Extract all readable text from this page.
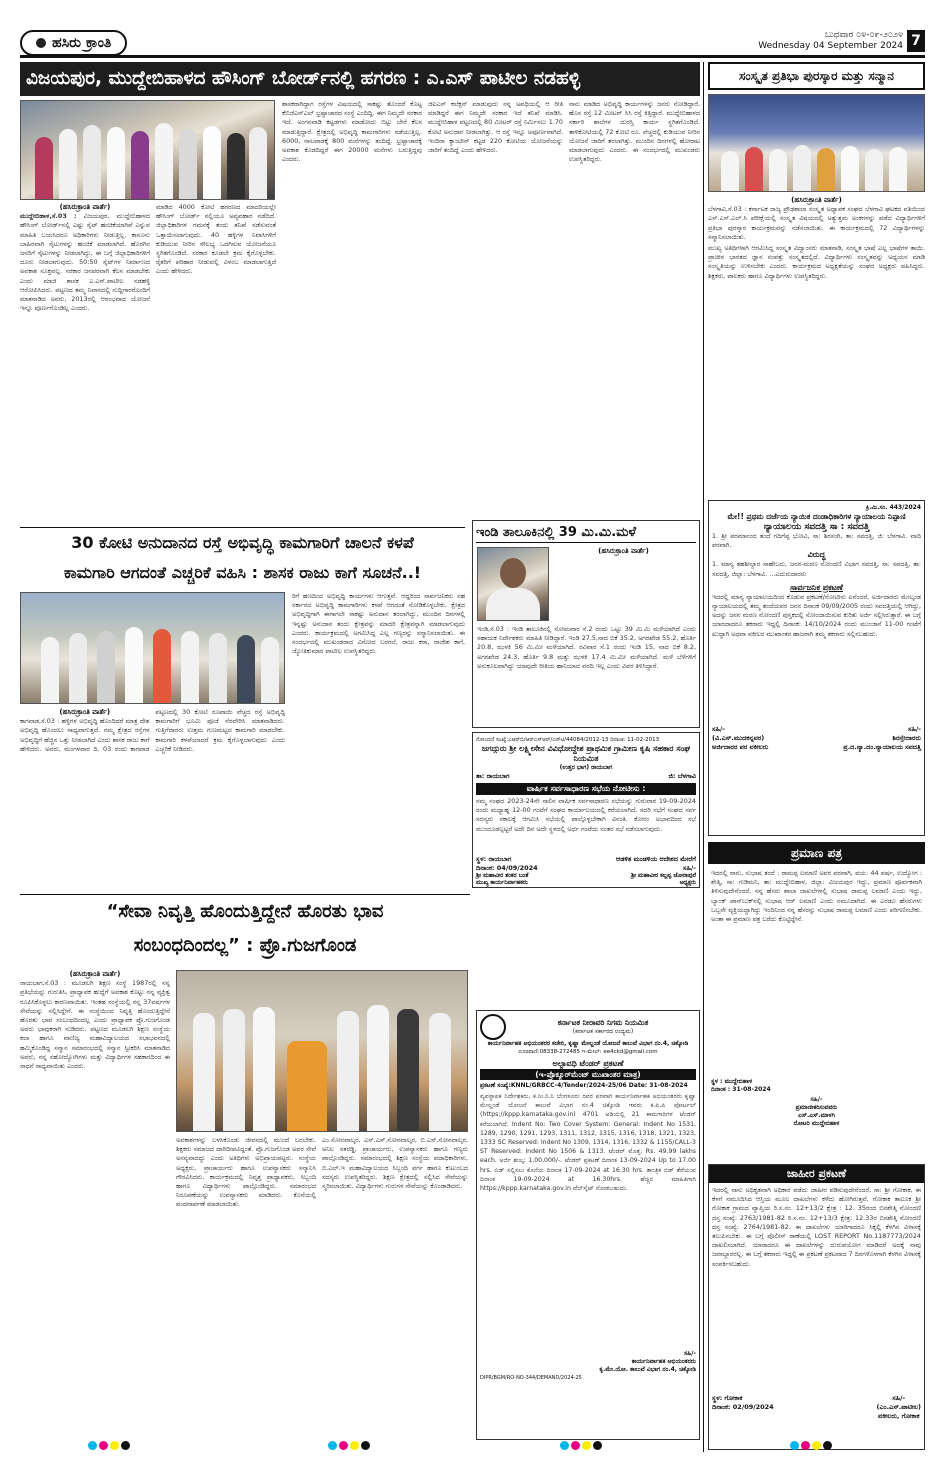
ಹಸಿರು ಕ್ರಾಂತಿ	ಬುಧವಾರ ೦೪-೦೯-೨೦೨೪
Wednesday 04 September 2024 7
ವಿಜಯಪುರ, ಮುದ್ದೇಬಿಹಾಳದ ಹೌಸಿಂಗ್ ಬೋರ್ಡ್‌ನಲ್ಲಿ ಹಗರಣ : ಎ.ಎಸ್ ಪಾಟೀಲ ನಡಹಳ್ಳಿ
(ಹಸಿರುಕ್ರಾಂತಿ ವಾರ್ತೆ)
ಮುದ್ದೇಬಿಹಾಳ,ಸೆ.03 : ವಿಜಯಪುರ, ಮುದ್ದೇಬಿಹಾಳದ ಹೌಸಿಂಗ್ ಬೋರ್ಡ್‌ನಲ್ಲಿ ಎಷ್ಟು ಸೈಟ್ ಹಂಚಿಕೆಯಾಗಿವೆ ಎನ್ನುವ ಮಾಹಿತಿ ಬಯಸಿದರೂ ಅಧಿಕಾರಿಗಳು ನೀಡುತ್ತಿಲ್ಲ. ಕಾನೂನು ಬಾಹಿರವಾಗಿ ಸೈಟುಗಳನ್ನು ಹಂಚಿಕೆ ಮಾಡಲಾಗಿದೆ. ಹೊರಗಿನ ಜನರಿಗೆ ಸೈಟುಗಳನ್ನು ನೀಡಲಾಗಿದ್ದು, ಈ ಬಗ್ಗೆ ಜಿಲ್ಲಾಧಿಕಾರಿಗಳಿಗೆ ದೂರು ನೀಡಲಾಗುವುದು. 50:50 ಸೈಟ್‌ಗಳ ನಿರ್ಮಾಣದ ಅವಕಾಶ ಸೂಕ್ತವಲ್ಲ. ಸರಕಾರ ಜನಪರವಾಗಿ ಕೆಲಸ ಮಾಡಬೇಕು ಎಂದು ಮಾಜಿ ಶಾಸಕ ಎ.ಎಸ್.ಪಾಟೀಲ ನಡಹಳ್ಳಿ ಆರೋಪಿಸಿದರು. ಪಟ್ಟಣದ ತಮ್ಮ ನಿವಾಸದಲ್ಲಿ ಸುದ್ದಿಗಾರರೊಂದಿಗೆ ಮಾತನಾಡಿದ ಅವರು, 2013ರಲ್ಲಿ ಆರಂಭವಾದ ಯೋಜನೆ ಇನ್ನೂ ಪೂರ್ಣಗೊಂಡಿಲ್ಲ ಎಂದರು.
ಮಾಡಿದ 4000 ಕೋಟಿ ಹಗರಣದ ಮಾದರಿಯಲ್ಲೇ ಹೌಸಿಂಗ್ ಬೋರ್ಡ್ ನಲ್ಲಿಯೂ ಅವ್ಯವಹಾರ ನಡೆದಿದೆ. ಜಿಲ್ಲಾಧಿಕಾರಿಗಳ ಗಮನಕ್ಕೆ ತಂದು ತನಿಖೆ ನಡೆಸುವಂತೆ ಒತ್ತಾಯಿಸಲಾಗುವುದು. 40 ಹಳ್ಳಿಗಳ ನಿವಾಸಿಗಳಿಗೆ ಕುಡಿಯುವ ನೀರಿನ ಸೌಲಭ್ಯ ಒದಗಿಸುವ ಯೋಜನೆಯೂ ಸ್ಥಗಿತಗೊಂಡಿದೆ. ಸರಕಾರ ಕೂಡಲೇ ಕ್ರಮ ಕೈಗೊಳ್ಳಬೇಕು. ರೈತರಿಗೆ ಪರಿಹಾರ ನೀಡುವಲ್ಲಿ ವಿಳಂಬ ಮಾಡಲಾಗುತ್ತಿದೆ ಎಂದು ಹೇಳಿದರು.
ಶಾಸಕರಾಗಿದ್ದಾಗ ರಸ್ತೆಗಳ ವಿಷಯದಲ್ಲಿ ಸಾಕಷ್ಟು ತೊಂದರೆ ಕೊಟ್ಟ ಕೆಬಿಜೆಎನ್ಎಲ್ ಭ್ರಷ್ಟಾಚಾರದ ಸಂಸ್ಥೆ ಎಂದಿದ್ದಿ. ಈಗ ನಿಮ್ಮದೇ ಸರಕಾರ ಇದೆ. ಅಂಗನವಾಡಿ ಕಟ್ಟಡಗಳು ಮಾಡೋದು ಬಿಟ್ಟು ಬೇರೆ ಕೆಲಸ ಮಾಡುತ್ತಿದ್ದಾರೆ. ಕ್ಷೇತ್ರದಲ್ಲಿ ಅಭಿವೃದ್ಧಿ ಕಾಮಗಾರಿಗಳು ನಡೆಯುತ್ತಿಲ್ಲ. 6000, ನಾಲವಾಡಕ್ಕೆ 800 ಮನೆಗಳನ್ನು ತಂದಿದ್ದೆ. ಭ್ರಷ್ಟಾಚಾರಕ್ಕೆ ಅವಕಾಶ ಕೊಡದಿದ್ದರೆ ಈಗ 20000 ಮನೆಗಳು ಬರುತ್ತಿದ್ದವು ಎಂದರು.
ಜಿಐಎಸ್ ಕಲೆಕ್ಷನ್ ಮಾಡುವುದು ನನ್ನ ಅವಧಿಯಲ್ಲಿ ಆ ರೀತಿ ಮಾಡಿದ್ದರೆ ಈಗ ನಿಮ್ಮದೇ ಸರಕಾರ ಇದೆ ತನಿಖೆ ಮಾಡಿಸಿ. ಮುದ್ದೇಬಿಹಾಳ ಪಟ್ಟಣದಲ್ಲಿ 80 ಮೀಟರ್ ರಸ್ತೆ ನಿರ್ಮಿಸಲು 1.70 ಕೋಟಿ ಅನುದಾನ ನೀಡಲಾಗಿತ್ತು. ಆ ರಸ್ತೆ ಇನ್ನೂ ಅಪೂರ್ಣವಾಗಿದೆ. ಇಂದಿರಾ ಕ್ಯಾಂಟೀನ್ ಕಟ್ಟಡ 220 ಕೋಟಿಯ ಯೋಜನೆಯನ್ನು ಜಾರಿಗೆ ತಂದಿದ್ದೆ ಎಂದು ಹೇಳಿದರು.
ನಾನು ಮಾಡಿದ ಅಭಿವೃದ್ಧಿ ಕಾರ್ಯಗಳನ್ನು ಜನರು ನೋಡಿದ್ದಾರೆ. ಹೊಸ ರಸ್ತೆ 12 ಮೀಟರ್ ಸಿಸಿ ರಸ್ತೆ ಕಿತ್ತಿದ್ದಾರೆ. ಮುದ್ದೇಬಿಹಾಳದ ಸರ್ಕಾರಿ ಶಾಲೆಗಳ ದುರಸ್ತಿ ಕಾರ್ಯ ಸ್ಥಗಿತಗೊಂಡಿದೆ. ತಾಳಿಕೋಟಿಯಲ್ಲಿ 72 ಕೋಟಿ ರೂ. ವೆಚ್ಚದಲ್ಲಿ ಕುಡಿಯುವ ನೀರಿನ ಯೋಜನೆ ಜಾರಿಗೆ ತರಲಾಗಿತ್ತು. ಮುಂದಿನ ದಿನಗಳಲ್ಲಿ ಹೋರಾಟ ಮಾಡಲಾಗುವುದು ಎಂದರು. ಈ ಸಂದರ್ಭದಲ್ಲಿ ಮುಖಂಡರು ಉಪಸ್ಥಿತರಿದ್ದರು.
ಸಂಸ್ಕೃತ ಪ್ರತಿಭಾ ಪುರಸ್ಕಾರ ಮತ್ತು ಸನ್ಮಾನ
(ಹಸಿರುಕ್ರಾಂತಿ ವಾರ್ತೆ)

ಬೆಳಗಾವಿ,ಸೆ.03 : ಕರ್ನಾಟಕ ರಾಜ್ಯ ಪ್ರೌಢಶಾಲಾ ಸಂಸ್ಕೃತ ಅಧ್ಯಾಪಕ ಸಂಘದ ಬೆಳಗಾವಿ ಘಟಕದ ವತಿಯಿಂದ ಎಸ್.ಎಸ್.ಎಲ್.ಸಿ ಪರೀಕ್ಷೆಯಲ್ಲಿ ಸಂಸ್ಕೃತ ವಿಷಯದಲ್ಲಿ ಅತ್ಯುತ್ತಮ ಅಂಕಗಳನ್ನು ಪಡೆದ ವಿದ್ಯಾರ್ಥಿಗಳಿಗೆ ಪ್ರತಿಭಾ ಪುರಸ್ಕಾರ ಕಾರ್ಯಕ್ರಮವನ್ನು ನಡೆಸಲಾಯಿತು. ಈ ಕಾರ್ಯಕ್ರಮದಲ್ಲಿ 72 ವಿದ್ಯಾರ್ಥಿಗಳನ್ನು ಸನ್ಮಾನಿಸಲಾಯಿತು.

ಮುಖ್ಯ ಅತಿಥಿಗಳಾಗಿ ಆಗಮಿಸಿದ್ದ ಸಂಸ್ಕೃತ ವಿದ್ವಾಂಸರು ಮಾತನಾಡಿ, ಸಂಸ್ಕೃತ ಭಾಷೆ ಎಲ್ಲ ಭಾಷೆಗಳ ತಾಯಿ. ಪ್ರಾಚೀನ ಭಾರತದ ಜ್ಞಾನ ಸಂಪತ್ತು ಸಂಸ್ಕೃತದಲ್ಲಿದೆ. ವಿದ್ಯಾರ್ಥಿಗಳು ಸಂಸ್ಕೃತವನ್ನು ಅಧ್ಯಯನ ಮಾಡಿ ಸಂಸ್ಕೃತಿಯನ್ನು ಉಳಿಸಬೇಕು ಎಂದರು. ಕಾರ್ಯಕ್ರಮದ ಅಧ್ಯಕ್ಷತೆಯನ್ನು ಸಂಘದ ಅಧ್ಯಕ್ಷರು ವಹಿಸಿದ್ದರು. ಶಿಕ್ಷಕರು, ಪಾಲಕರು ಹಾಗೂ ವಿದ್ಯಾರ್ಥಿಗಳು ಉಪಸ್ಥಿತರಿದ್ದರು.

ಕ್ರಿ.ಮಿ.ಸಂ. 443/2024
ಮೇ!! ಪ್ರಥಮ ದರ್ಜೆಯ ನ್ಯಾಯಿಕ ದಂಡಾಧಿಕಾರಿಗಳ ನ್ಯಾಯಾಲಯ ನಿಪ್ಪಾಣಿ
ನ್ಯಾಯಾಲಯ ಸವದತ್ತಿ ಸಾ : ಸವದತ್ತಿ
1. ಶ್ರೀ ಪರಮಾನಂದ ತಂದೆ ಗದಿಗೆಪ್ಪ ಭೋವಿ, ಸಾ: ಶಿರಸಂಗಿ, ತಾ: ಸವದತ್ತಿ, ಜಿ: ಬೆಳಗಾವಿ. ವಾದಿ ಪರವಾಗಿ.
ವಿರುದ್ಧ
1. ಮಾನ್ಯ ತಹಶೀಲ್ದಾರ ಸಾಹೇಬರು, ಜನನ-ಮರಣ ನೋಂದಣಿ ವಿಭಾಗ ಸವದತ್ತಿ, ಸಾ: ಸವದತ್ತಿ, ತಾ: ಸವದತ್ತಿ, ಜಿಲ್ಲಾ: ಬೆಳಗಾವಿ. ...ಎದುರುದಾರರು
ಸಾರ್ವಜನಿಕ ಪ್ರಕಟಣೆ
ಇದರಲ್ಲಿ ಮಾನ್ಯ ನ್ಯಾಯಾಲಯದಿಂದ ಕೊಡುವ ಪ್ರಕಟಣೆ/ನೋಟೀಸು ಏನೆಂದರೆ, ಅರ್ಜಿದಾರರು ಮೇಲ್ಕಂಡ ನ್ಯಾಯಾಲಯದಲ್ಲಿ ತಮ್ಮ ತಂದೆಯವರ ಜನನ ದಿನಾಂಕ 09/09/2005 ರಂದು ಸವದತ್ತಿಯಲ್ಲಿ ಆಗಿದ್ದು, ಅದನ್ನು ಜನನ ಮರಣ ನೋಂದಣಿ ಪುಸ್ತಕದಲ್ಲಿ ನೋಂದಾಯಿಸುವ ಕುರಿತು ಅರ್ಜಿ ಸಲ್ಲಿಸಿರುತ್ತಾರೆ. ಈ ಬಗ್ಗೆ ಯಾರದಾದರೂ ತಕರಾರು ಇದ್ದಲ್ಲಿ ದಿನಾಂಕ: 14/10/2024 ರಂದು ಮುಂಜಾನೆ 11-00 ಗಂಟೆಗೆ ಖುದ್ದಾಗಿ ಅಥವಾ ವಕೀಲರ ಮುಖಾಂತರ ಹಾಜರಾಗಿ ತಮ್ಮ ತಕರಾರು ಸಲ್ಲಿಸಬಹುದು.
ಸಹಿ/-
(ವಿ.ಎಸ್.ಮುದಕನ್ನವರ)
ಅರ್ಜಿದಾರರ ಪರ ವಕೀಲರು
ಸಹಿ/-
ಶಿರಸ್ತೇದಾರರು
ಪ್ರ.ದ.ನ್ಯಾ.ದಂ.ನ್ಯಾಯಾಲಯ ಸವದತ್ತಿ
ಪ್ರಮಾಣ ಪತ್ರ
ಇದರಲ್ಲಿ ನಾನು, ಸುಭಾಷ ತಂದೆ : ರಾಮಪ್ಪ ಲಮಾಣಿ ಅವರ ಪರವಾಗಿ, ವಯ: 44 ವರ್ಷ, ಉದ್ಯೋಗ : ಶೇತ್ಕಿ, ಸಾ: ಗುಡಿಮನಿ, ತಾ: ಮುದ್ದೇಬಿಹಾಳ, ಜಿಲ್ಲಾ: ವಿಜಯಪುರ ಇದ್ದು, ಪ್ರಮಾಣ ಪೂರ್ವಕವಾಗಿ ತಿಳಿಸುವುದೇನೆಂದರೆ, ನನ್ನ ಹೆಸರು ಶಾಲಾ ದಾಖಲೆಗಳಲ್ಲಿ ಸುಭಾಷ ರಾಮಪ್ಪ ಲಮಾಣಿ ಎಂದು ಇದ್ದು, ಬ್ಯಾಂಕ್ ಪಾಸ್‌ಬುಕ್‌ನಲ್ಲಿ ಸುಭಾಷ ಆರ್ ಲಮಾಣಿ ಎಂದು ನಮೂದಾಗಿದೆ. ಈ ಎರಡೂ ಹೆಸರುಗಳು ಒಬ್ಬನೇ ವ್ಯಕ್ತಿಯದ್ದಾಗಿದ್ದು ಇಂದಿನಿಂದ ನನ್ನ ಹೆಸರನ್ನು ಸುಭಾಷ ರಾಮಪ್ಪ ಲಮಾಣಿ ಎಂದು ಪರಿಗಣಿಸಬೇಕು. ಅಂತಾ ಈ ಪ್ರಮಾಣ ಪತ್ರ ಬರೆದು ಕೊಟ್ಟಿದ್ದೇನೆ.
ಸ್ಥಳ : ಮುದ್ದೇಬಿಹಾಳ
ದಿನಾಂಕ : 31-08-2024
ಸಹಿ/-
ಪ್ರಮಾಣೀಕರಿಸುವವರು
ಎಸ್.ಎಸ್.ಮಾಳಗಿ
ನೋಟರಿ ಮುದ್ದೇಬಿಹಾಳ
ಜಾಹೀರ ಪ್ರಕಟಣೆ
ಇದರಲ್ಲಿ ನಾನು ಅಧಿಕೃತವಾಗಿ ಅಧಿಕಾರ ಪಡೆದು ಜಾಹೀರ ಪಡಿಸುವುದೇನೆಂದರೆ, ಸಾ: ಶ್ರೀ ಗೋಕಾಕ, ಈ ಕೆಳಗೆ ನಮೂದಿಸಿದ ಆಸ್ತಿಯ ಮೂಲ ದಾಖಲೆಗಳು ಕಳೆದು ಹೋಗಿರುತ್ತವೆ. ಗೋಕಾಕ ತಾಲೂಕ ಶ್ರೀ ಗೋಕಾಕ ಗ್ರಾಮದ ವ್ಯಾಪ್ತಿಯ ರಿ.ಸ.ನಂ. 12+13/2 ಕ್ಷೇತ್ರ : 12. 35ರಂದ ಬಿನಶೇತ್ಕಿ ನೋಂದಣಿ ದಸ್ತ ಸಂಖ್ಯೆ: 2763/1981-82 ರಿ.ಸ.ನಂ. 12+13/3 ಕ್ಷೇತ್ರ: 12.33ರ ಬಿನಶೇತ್ಕಿ ನೋಂದಣಿ ದಸ್ತ ಸಂಖ್ಯೆ: 2764/1981-82. ಈ ದಾಖಲೆಗಳು ಯಾರಿಗಾದರೂ ಸಿಕ್ಕಲ್ಲಿ ಕೆಳಗಿನ ವಿಳಾಸಕ್ಕೆ ತಲುಪಿಸಬೇಕು. ಈ ಬಗ್ಗೆ ಪೊಲೀಸ್ ಠಾಣೆಯಲ್ಲಿ LOST REPORT No.1187773/2024 ದಾಖಲಿಸಲಾಗಿದೆ. ಯಾರಾದರೂ ಈ ದಾಖಲೆಗಳನ್ನು ದುರುಪಯೋಗ ಮಾಡಿದರೆ ಅದಕ್ಕೆ ನಾವು ಜವಾಬ್ದಾರರಲ್ಲ. ಈ ಬಗ್ಗೆ ತಕರಾರು ಇದ್ದಲ್ಲಿ ಈ ಪ್ರಕಟಣೆ ಪ್ರಕಟವಾದ 7 ದಿನಗಳೊಳಗಾಗಿ ಕೆಳಗಿನ ವಿಳಾಸಕ್ಕೆ ಸಂಪರ್ಕಿಸಬಹುದು.
ಸ್ಥಳ: ಗೋಕಾಕ
ದಿನಾಂಕ: 02/09/2024
ಸಹಿ/-
(ಎಂ.ಎಸ್.ಪಾಟೀಲ)
ವಕೀಲರು, ಗೋಕಾಕ
30 ಕೋಟಿ ಅನುದಾನದ ರಸ್ತೆ ಅಭಿವೃದ್ಧಿ ಕಾಮಗಾರಿಗೆ ಚಾಲನೆ ಕಳಪೆ
ಕಾಮಗಾರಿ ಆಗದಂತೆ ಎಚ್ಚರಿಕೆ ವಹಿಸಿ : ಶಾಸಕ ರಾಜು ಕಾಗೆ ಸೂಚನೆ..!
ರಿಗೆ ಹಣದಿಂದ ಅಭಿವೃದ್ಧಿ ಕಾರ್ಯಗಳು ಆಗುತ್ತವೆ. ಆದ್ದರಿಂದ ಸಾರ್ವಜನಿಕರು ಸಹ ಸರ್ಕಾರದ ಅಭಿವೃದ್ಧಿ ಕಾಮಗಾರಿಗಳು ಕಳಪೆ ಆಗದಂತೆ ನೋಡಿಕೊಳ್ಳಬೇಕು. ಕ್ಷೇತ್ರದ ಅಭಿವೃದ್ಧಿಗಾಗಿ ಈಗಾಗಲೇ ಸಾಕಷ್ಟು ಅನುದಾನ ತರಲಾಗಿದ್ದು, ಮುಂದಿನ ದಿನಗಳಲ್ಲಿ ಇನ್ನಷ್ಟು ಅನುದಾನ ತಂದು ಕ್ಷೇತ್ರವನ್ನು ಮಾದರಿ ಕ್ಷೇತ್ರವನ್ನಾಗಿ ಮಾಡಲಾಗುವುದು ಎಂದರು. ಕಾರ್ಯಕ್ರಮದಲ್ಲಿ ಅಗಮಿಸಿದ್ದ ಎಲ್ಲ ಗಣ್ಯರನ್ನು ಸನ್ಮಾನಿಸಲಾಯಿತು. ಈ ಸಂದರ್ಭದಲ್ಲಿ ಮುಖಂಡರಾದ ವಿನೋದ ಬರಗಲೆ, ರಾಜು ಕರಾ, ರಾಜೇಶ ಕಾಗೆ, ಜ್ಯೋತಿಕುಮಾರ ಪಾಟೀಲ ಉಪಸ್ಥಿತರಿದ್ದರು.
(ಹಸಿರುಕ್ರಾಂತಿ ವಾರ್ತೆ)
ಕಾಗವಾಡ,ಸೆ.03 : ಹಳ್ಳಿಗಳ ಅಭಿವೃದ್ಧಿ ಹೊಂದಿದರೆ ಮಾತ್ರ ದೇಶ ಅಭಿವೃದ್ಧಿ ಹೊಂದಲು ಸಾಧ್ಯವಾಗುತ್ತದೆ. ನಮ್ಮ ಕ್ಷೇತ್ರದ ರಸ್ತೆಗಳ ಅಭಿವೃದ್ಧಿಗೆ ಹೆಚ್ಚಿನ ಒತ್ತು ನೀಡಲಾಗಿದೆ ಎಂದು ಶಾಸಕ ರಾಜು ಕಾಗೆ ಹೇಳಿದರು. ಅವರು, ಮಂಗಳವಾರ ದಿ. 03 ರಂದು ಕಾಗವಾಡ ಪಟ್ಟಣದಲ್ಲಿ 30 ಕೋಟಿ ರೂಪಾಯಿ ವೆಚ್ಚದ ರಸ್ತೆ ಅಭಿವೃದ್ಧಿ ಕಾಮಗಾರಿಗೆ ಭೂಮಿ ಪೂಜೆ ನೆರವೇರಿಸಿ ಮಾತನಾಡಿದರು. ಗುತ್ತಿಗೆದಾರರು ಉತ್ತಮ ಗುಣಮಟ್ಟದ ಕಾಮಗಾರಿ ಮಾಡಬೇಕು. ಕಾಮಗಾರಿ ಕಳಪೆಯಾದರೆ ಕ್ರಮ ಕೈಗೊಳ್ಳಲಾಗುವುದು ಎಂದು ಎಚ್ಚರಿಕೆ ನೀಡಿದರು.
ಇಂಡಿ ತಾಲೂಕಿನಲ್ಲಿ 39 ಮಿ.ಮಿ.ಮಳೆ
(ಹಸಿರುಕ್ರಾಂತಿ ವಾರ್ತೆ)
ಇಂಡಿ,ಸೆ.03 : ಇಂಡಿ ತಾಲೂಕಿನಲ್ಲಿ ಸೋಮವಾರ ಸೆ.2 ರಂದು ಒಟ್ಟು 39 ಮಿ.ಮಿ ಮಳೆಯಾಗಿದೆ ಎಂದು ಸಹಾಯಕ ನಿರ್ದೇಶಕರು ಮಾಹಿತಿ ನೀಡಿದ್ದಾರೆ. ಇಂಡಿ 27.5,ನಾದ ಬಿಕೆ 35.2, ಅಗರಖೇಡ 55.2, ಹೊರ್ತಿ 20.8, ಝಳಕಿ 56 ಮಿ.ಮೀ ಮಳೆಯಾಗಿದೆ. ರವಿವಾರ ಸೆ.1 ರಂದು ಇಂಡಿ 15, ನಾದ ಬಿಕೆ 8.2, ಅಗರಖೇಡ 24.3, ಹೊರ್ತಿ 9.8 ಮತ್ತು ಝಳಕಿ 17.4 ಮಿ.ಮೀ ಮಳೆಯಾಗಿದೆ. ಮಳೆ ಬೆಳೆಗಳಿಗೆ ಅನುಕೂಲವಾಗಿದ್ದು ಯಾವುದೇ ರೀತಿಯ ಹಾನಿಯಾದ ವರದಿ ಇಲ್ಲ ಎಂದು ವಿವರ ತಿಳಿಸಿದ್ದಾರೆ.
ನೋಂದಣಿ ಸಂಖ್ಯೆ:ಎಆರ್‌ಬಿ/ಆರ್‌ಎಸ್‌ಆರ್/ಎಸ್‌ಟಿ/44084/2012-13 ದಿನಾಂಕ: 11-02-2013
ಜಗದ್ಗುರು ಶ್ರೀ ಲಕ್ಷ್ಮೀಸೇನ ವಿವಿಧೋದ್ದೇಶ ಪ್ರಾಥಮಿಕ ಗ್ರಾಮೀಣ ಕೃಷಿ ಸಹಕಾರ ಸಂಘ ನಿಯಮಿತ
(ಉತ್ತರ ಭಾಗ) ರಾಯಬಾಗ
ತಾ: ರಾಯಬಾಗ	ಜಿ: ಬೆಳಗಾವಿ
ವಾರ್ಷಿಕ ಸರ್ವಸಾಧಾರಣ ಸಭೆಯ ನೋಟೀಸು :
ನಮ್ಮ ಸಂಘದ 2023-24ನೇ ಸಾಲಿನ ವಾರ್ಷಿಕ ಸರ್ವಸಾಧಾರಣ ಸಭೆಯನ್ನು ಗುರುವಾರ 19-09-2024 ರಂದು ಮಧ್ಯಾಹ್ನ 12-00 ಗಂಟೆಗೆ ಸಂಘದ ಕಾರ್ಯಾಲಯದಲ್ಲಿ ಕರೆಯಲಾಗಿದೆ. ಸದರಿ ಸಭೆಗೆ ಸಂಘದ ಸರ್ವ ಸದಸ್ಯರು ಸಕಾಲಕ್ಕೆ ಆಗಮಿಸಿ ಸಭೆಯಲ್ಲಿ ಪಾಲ್ಗೊಳ್ಳಬೇಕಾಗಿ ವಿನಂತಿ. ಕೋರಂ ಅಭಾವದಿಂದ ಸಭೆ ಮುಂದೂಡಲ್ಪಟ್ಟರೆ ಅದೇ ದಿನ ಅದೇ ಸ್ಥಳದಲ್ಲಿ ಅರ್ಧ ಗಂಟೆಯ ನಂತರ ಸಭೆ ನಡೆಸಲಾಗುವುದು.
ಸ್ಥಳ: ರಾಯಬಾಗ	ಆಡಳಿತ ಮಂಡಳಿಯ ಆದೇಶದ ಮೇರೆಗೆ
ದಿನಾಂಕ: 04/09/2024	ಸಹಿ/-
ಶ್ರೀ ಮಹಾವೀರ ಶಂಕರ ಬಂತೆ
ಮುಖ್ಯ ಕಾರ್ಯನಿರ್ವಾಹಕರು
ಶ್ರೀ ಮಹಾವೀರ ಕಲ್ಲಪ್ಪ ಜೋರಾಪುರೆ
ಅಧ್ಯಕ್ಷರು
“ಸೇವಾ ನಿವೃತ್ತಿ ಹೊಂದುತ್ತಿದ್ದೇನೆ ಹೊರತು ಭಾವ
ಸಂಬಂಧದಿಂದಲ್ಲ” : ಪ್ರೊ.ಗುಜಗೊಂಡ
(ಹಸಿರುಕ್ರಾಂತಿ ವಾರ್ತೆ)
ರಾಯಬಾಗ,ಸೆ.03 : ಮೂಡಲಗಿ ಶಿಕ್ಷಣ ಸಂಸ್ಥೆ 1987ರಲ್ಲಿ ನನ್ನ ಪ್ರತಿಭೆಯನ್ನು ಗುರುತಿಸಿ, ಪ್ರಾಧ್ಯಾಪಕ ಹುದ್ದೆಗೆ ಅವಕಾಶ ಕೊಟ್ಟು ನನ್ನ ವ್ಯಕ್ತಿತ್ವ ರೂಪಿಸಿಕೊಳ್ಳಲು ಕಾರಣವಾಯಿತು. ಇಂತಹ ಸಂಸ್ಥೆಯಲ್ಲಿ ನನ್ನ 37ವರ್ಷಗಳ ಸೇವೆಯನ್ನು ಸಲ್ಲಿಸಿದ್ದೇನೆ. ಈ ಸಂಸ್ಥೆಯಿಂದ ನಿವೃತ್ತಿ ಹೊಂದುತ್ತಿದ್ದೇನೆ ಹೊರತು ಭಾವ ಸಂಬಂಧದಿಂದಲ್ಲ ಎಂದು ಪ್ರಾಧ್ಯಾಪಕ ಪ್ರೊ.ಗುಜಗೊಂಡ ಅವರು ಭಾವುಕರಾಗಿ ನುಡಿದರು. ಪಟ್ಟಣದ ಮೂಡಲಗಿ ಶಿಕ್ಷಣ ಸಂಸ್ಥೆಯ ಕಲಾ ಹಾಗೂ ವಾಣಿಜ್ಯ ಮಹಾವಿದ್ಯಾಲಯದ ಸಭಾಭವನದಲ್ಲಿ ಹಮ್ಮಿಕೊಂಡಿದ್ದ ಸನ್ಮಾನ ಸಮಾರಂಭದಲ್ಲಿ ಸನ್ಮಾನ ಸ್ವೀಕರಿಸಿ ಮಾತನಾಡಿದ ಅವರು, ನನ್ನ ಸಹೋದ್ಯೋಗಿಗಳು ಮತ್ತು ವಿದ್ಯಾರ್ಥಿಗಳ ಸಹಕಾರದಿಂದ ಈ ಸಾಧನೆ ಸಾಧ್ಯವಾಯಿತು ಎಂದರು.
ಅವಕಾಶಗಳನ್ನು ಬಳಸಿಕೊಂಡು ಜೀವನದಲ್ಲಿ ಮುಂದೆ ಬರಬೇಕು. ಶಿಕ್ಷಕರು ಸಮಾಜದ ದಾರಿದೀಪವಿದ್ದಂತೆ. ಪ್ರೊ.ಗುಜಗೊಂಡ ಅವರ ಸೇವೆ ಅನನ್ಯವಾದದ್ದು ಎಂದು ಅತಿಥಿಗಳು ಅಭಿಪ್ರಾಯಪಟ್ಟರು. ಸಂಸ್ಥೆಯ ಅಧ್ಯಕ್ಷರು, ಪ್ರಾಚಾರ್ಯರು ಹಾಗೂ ಉಪನ್ಯಾಸಕರು ಸನ್ಮಾನಿಸಿ ಗೌರವಿಸಿದರು. ಕಾರ್ಯಕ್ರಮದಲ್ಲಿ ನಿವೃತ್ತ ಪ್ರಾಧ್ಯಾಪಕರು, ಸಿಬ್ಬಂದಿ ಹಾಗೂ ವಿದ್ಯಾರ್ಥಿಗಳು ಪಾಲ್ಗೊಂಡಿದ್ದರು. ಸಮಾರಂಭದ ನಿರೂಪಣೆಯನ್ನು ಉಪನ್ಯಾಸಕರು ಮಾಡಿದರು. ಕೊನೆಯಲ್ಲಿ ವಂದನಾರ್ಪಣೆ ಮಾಡಲಾಯಿತು.
ಎಂ.ಸೋನವಾಲ್ಕರ, ಎಸ್.ಎಸ್.ಸೋನವಾಲ್ಕರ, ಬಿ.ಎಸ್.ಸೋನವಾಲ್ಕರ, ಅನಿಲ ಸತರಡ್ಡಿ, ಪ್ರಾಚಾರ್ಯರು, ಉಪನ್ಯಾಸಕರು ಹಾಗೂ ಗಣ್ಯರು ಪಾಲ್ಗೊಂಡಿದ್ದರು. ಸಮಾರಂಭದಲ್ಲಿ ಶಿಕ್ಷಣ ಸಂಸ್ಥೆಯ ಪದಾಧಿಕಾರಿಗಳು, ಬಿ.ಎಲ್.ಇ ಮಹಾವಿದ್ಯಾಲಯದ ಸಿಬ್ಬಂದಿ ವರ್ಗ ಹಾಗೂ ಕುಟುಂಬದ ಸದಸ್ಯರು ಉಪಸ್ಥಿತರಿದ್ದರು. ಶಿಕ್ಷಣ ಕ್ಷೇತ್ರದಲ್ಲಿ ಸಲ್ಲಿಸಿದ ಸೇವೆಯನ್ನು ಸ್ಮರಿಸಲಾಯಿತು. ವಿದ್ಯಾರ್ಥಿಗಳು ಗುರುಗಳ ಸೇವೆಯನ್ನು ಕೊಂಡಾಡಿದರು.
ಕರ್ನಾಟಕ ನೀರಾವರಿ ನಿಗಮ ನಿಯಮಿತ
(ಕರ್ನಾಟಕ ಸರ್ಕಾರದ ಉದ್ಯಮ)
ಕಾರ್ಯನಿರ್ವಾಹಕ ಅಭಿಯಂತರರ ಕಚೇರಿ, ಕೃಷ್ಣಾ ಮೇಲ್ದಂಡೆ ಯೋಜನೆ ಕಾಲುವೆ ವಿಭಾಗ ನಂ.4, ಚಿಕ್ಕೋಡಿ
ದೂರವಾಣಿ:08338-272485 ಇ-ಮೇಲ್: ee4ckd@gmail.com
ಅಲ್ಪಾವಧಿ ಟೆಂಡರ್ ಪ್ರಕಟಣೆ
(ಇ-ಪ್ರೊಕ್ಯೂರ್‌ಮೆಂಟ್ ಮುಖಾಂತರ ಮಾತ್ರ)
ಪ್ರಕಟಣೆ ಸಂಖ್ಯೆ:KNNL/GRBCC-4/Tender/2024-25/06 Date: 31-08-2024
ವ್ಯವಸ್ಥಾಪಕ ನಿರ್ದೇಶಕರು, ಕ.ನೀ.ನಿ.ನಿ ಬೆಂಗಳೂರು ರವರ ಪರವಾಗಿ ಕಾರ್ಯನಿರ್ವಾಹಕ ಅಭಿಯಂತರರು ಕೃಷ್ಣಾ ಮೇಲ್ದಂಡೆ ಯೋಜನೆ ಕಾಲುವೆ ವಿಭಾಗ ನಂ.4 ಚಿಕ್ಕೋಡಿ ಇವರು ಕ.ಪಿ.ಪಿ ಪೋರ್ಟಲ್ (https://kppp.karnataka.gov.in) 4701 ಅಡಿಯಲ್ಲಿ 21 ಕಾಮಗಾರಿಗಳ ಟೆಂಡರ್ ಕರೆಯಲಾಗಿದೆ. Indent No: Two Cover System: General: Indent No 1531, 1289, 1290, 1291, 1293, 1311, 1312, 1315, 1316, 1318, 1321, 1323, 1333 SC Reserved: Indent No 1309, 1314, 1316, 1332 & 1155/CALL-3 ST Reserved: Indent No 1506 & 1313. ಟೆಂಡರ್ ಮೊತ್ತ: Rs. 49.99 lakhs each. ಅರ್ಜಿ ಶುಲ್ಕ: 1,00,000/-. ಟೆಂಡರ್ ಪ್ರಕಟಣೆ ದಿನಾಂಕ 13-09-2024 Up to 17.00 hrs. ಬಿಡ್ ಸಲ್ಲಿಸಲು ಕೊನೆಯ ದಿನಾಂಕ 17-09-2024 at 16.30 hrs. ತಾಂತ್ರಿಕ ಬಿಡ್ ತೆರೆಯುವ ದಿನಾಂಕ 19-09-2024 at 16.30hrs. ಹೆಚ್ಚಿನ ಮಾಹಿತಿಗಾಗಿ https://kppp.karnataka.gov.in ವೆಬ್‌ಸೈಟ್ ನೋಡಬಹುದು.
ಸಹಿ/-
ಕಾರ್ಯನಿರ್ವಾಹಕ ಅಭಿಯಂತರರು
ಕೃ.ಮೇ.ಯೋ. ಕಾಲುವೆ ವಿಭಾಗ ನಂ.4, ಚಿಕ್ಕೋಡಿ
DIPR/BGM/RO-NO-344/DEMAND/2024-25
